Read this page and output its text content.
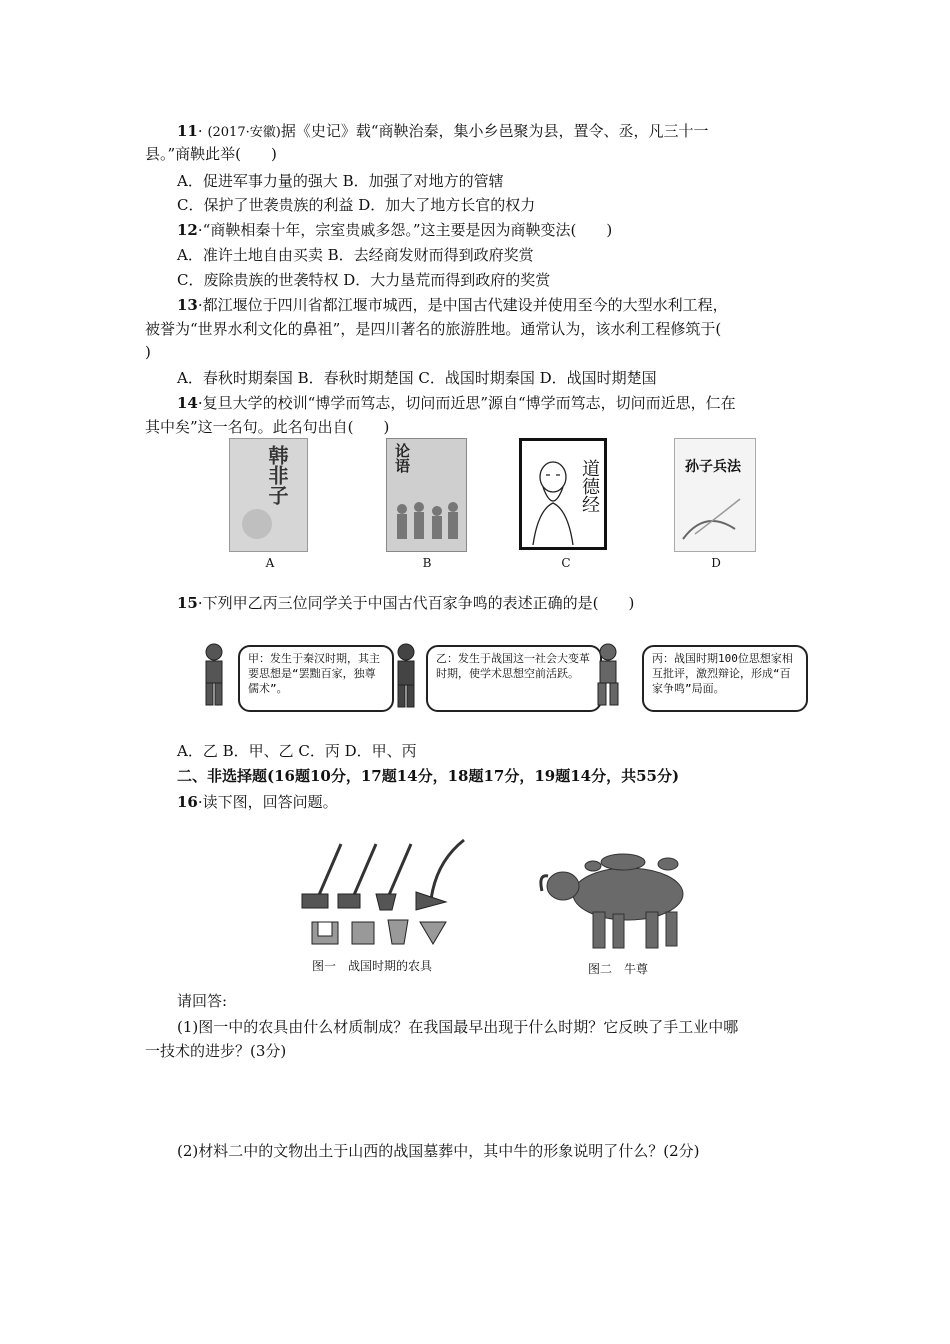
11· (2017·安徽)据《史记》载“商鞅治秦，集小乡邑聚为县，置令、丞，凡三十一
县。”商鞅此举(　　)
A．促进军事力量的强大 B．加强了对地方的管辖
C．保护了世袭贵族的利益 D．加大了地方长官的权力
12·“商鞅相秦十年，宗室贵戚多怨。”这主要是因为商鞅变法(　　)
A．准许土地自由买卖 B．去经商发财而得到政府奖赏
C．废除贵族的世袭特权 D．大力垦荒而得到政府的奖赏
13·都江堰位于四川省都江堰市城西，是中国古代建设并使用至今的大型水利工程，
被誉为“世界水利文化的鼻祖”，是四川著名的旅游胜地。通常认为，该水利工程修筑于(
)
A．春秋时期秦国 B．春秋时期楚国 C．战国时期秦国 D．战国时期楚国
14·复旦大学的校训“博学而笃志，切问而近思”源自“博学而笃志，切问而近思，仁在
其中矣”这一名句。此名句出自(　　)
韩非子
A
论语
B
道德经
C
孙子兵法
D
15·下列甲乙丙三位同学关于中国古代百家争鸣的表述正确的是(　　)
甲：发生于秦汉时期，其主要思想是“罢黜百家，独尊儒术”。
乙：发生于战国这一社会大变革时期，使学术思想空前活跃。
丙：战国时期100位思想家相互批评，激烈辩论，形成“百家争鸣”局面。
A．乙 B．甲、乙 C．丙 D．甲、丙
二、非选择题(16题10分，17题14分，18题17分，19题14分，共55分)
16·读下图，回答问题。
图一　战国时期的农具	图二　牛尊
请回答:
(1)图一中的农具由什么材质制成？在我国最早出现于什么时期？它反映了手工业中哪
一技术的进步？(3分)
(2)材料二中的文物出土于山西的战国墓葬中，其中牛的形象说明了什么？(2分)
